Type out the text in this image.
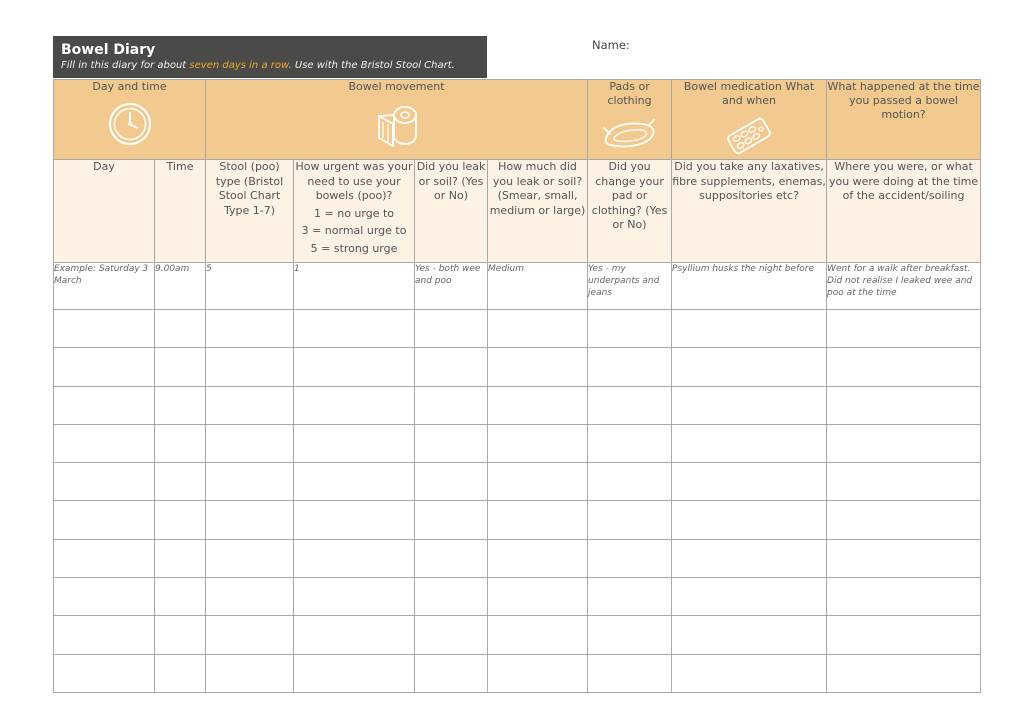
Bowel Diary
Fill in this diary for about seven days in a row. Use with the Bristol Stool Chart.
Name:
Day and time		Bowel movement				Pads or clothing	Bowel medication What and when	What happened at the time you passed a bowel motion?
Day	Time	Stool (poo) type (Bristol Stool Chart Type 1-7)	How urgent was your need to use your bowels (poo)?
1 = no urge to
3 = normal urge to
5 = strong urge	Did you leak or soil? (Yes or No)	How much did you leak or soil? (Smear, small, medium or large)	Did you change your pad or clothing? (Yes or No)	Did you take any laxatives, fibre supplements, enemas, suppositories etc?	Where you were, or what you were doing at the time of the accident/soiling
Example: Saturday 3 March	9.00am	5	1	Yes - both wee and poo	Medium	Yes - my underpants and jeans	Psyllium husks the night before	Went for a walk after breakfast.
Did not realise I leaked wee and
poo at the time
